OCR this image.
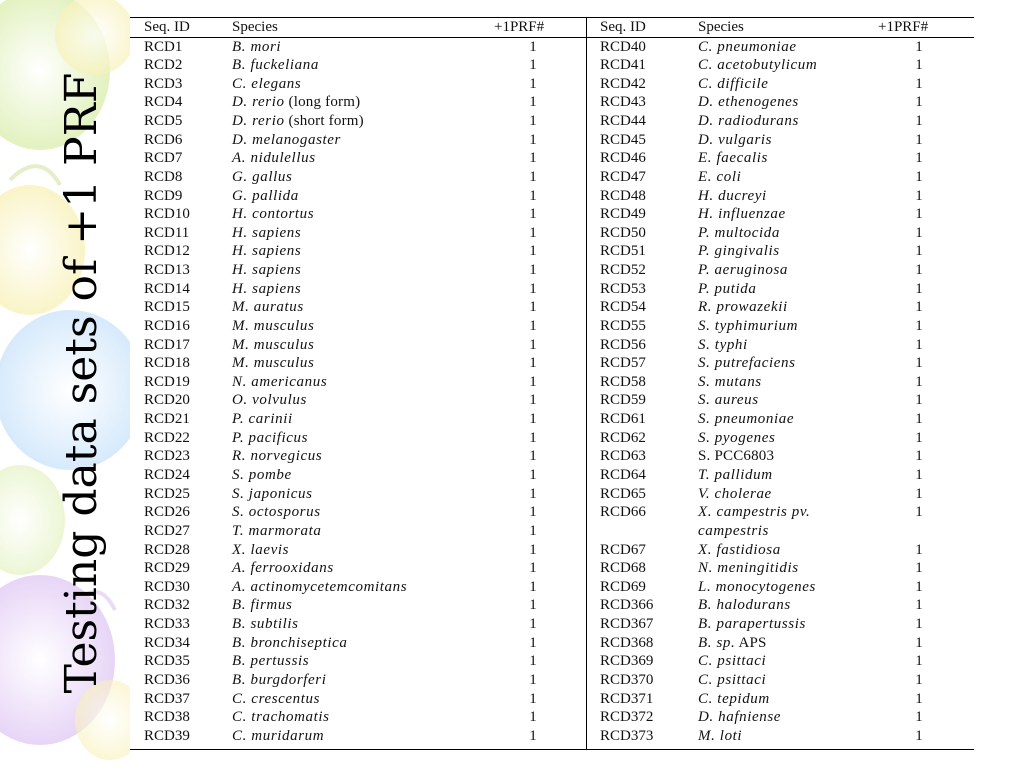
Testing data sets of +1 PRF
Seq. ID	Species	+1PRF#	Seq. ID	Species	+1PRF#
RCD1	B. mori	1
RCD2	B. fuckeliana	1
RCD3	C. elegans	1
RCD4	D. rerio (long form)	1
RCD5	D. rerio (short form)	1
RCD6	D. melanogaster	1
RCD7	A. nidulellus	1
RCD8	G. gallus	1
RCD9	G. pallida	1
RCD10	H. contortus	1
RCD11	H. sapiens	1
RCD12	H. sapiens	1
RCD13	H. sapiens	1
RCD14	H. sapiens	1
RCD15	M. auratus	1
RCD16	M. musculus	1
RCD17	M. musculus	1
RCD18	M. musculus	1
RCD19	N. americanus	1
RCD20	O. volvulus	1
RCD21	P. carinii	1
RCD22	P. pacificus	1
RCD23	R. norvegicus	1
RCD24	S. pombe	1
RCD25	S. japonicus	1
RCD26	S. octosporus	1
RCD27	T. marmorata	1
RCD28	X. laevis	1
RCD29	A. ferrooxidans	1
RCD30	A. actinomycetemcomitans	1
RCD32	B. firmus	1
RCD33	B. subtilis	1
RCD34	B. bronchiseptica	1
RCD35	B. pertussis	1
RCD36	B. burgdorferi	1
RCD37	C. crescentus	1
RCD38	C. trachomatis	1
RCD39	C. muridarum	1
RCD40	C. pneumoniae	1
RCD41	C. acetobutylicum	1
RCD42	C. difficile	1
RCD43	D. ethenogenes	1
RCD44	D. radiodurans	1
RCD45	D. vulgaris	1
RCD46	E. faecalis	1
RCD47	E. coli	1
RCD48	H. ducreyi	1
RCD49	H. influenzae	1
RCD50	P. multocida	1
RCD51	P. gingivalis	1
RCD52	P. aeruginosa	1
RCD53	P. putida	1
RCD54	R. prowazekii	1
RCD55	S. typhimurium	1
RCD56	S. typhi	1
RCD57	S. putrefaciens	1
RCD58	S. mutans	1
RCD59	S. aureus	1
RCD61	S. pneumoniae	1
RCD62	S. pyogenes	1
RCD63	S. PCC6803	1
RCD64	T. pallidum	1
RCD65	V. cholerae	1
RCD66	X. campestris pv.	1
campestris
RCD67	X. fastidiosa	1
RCD68	N. meningitidis	1
RCD69	L. monocytogenes	1
RCD366	B. halodurans	1
RCD367	B. parapertussis	1
RCD368	B. sp. APS	1
RCD369	C. psittaci	1
RCD370	C. psittaci	1
RCD371	C. tepidum	1
RCD372	D. hafniense	1
RCD373	M. loti	1
